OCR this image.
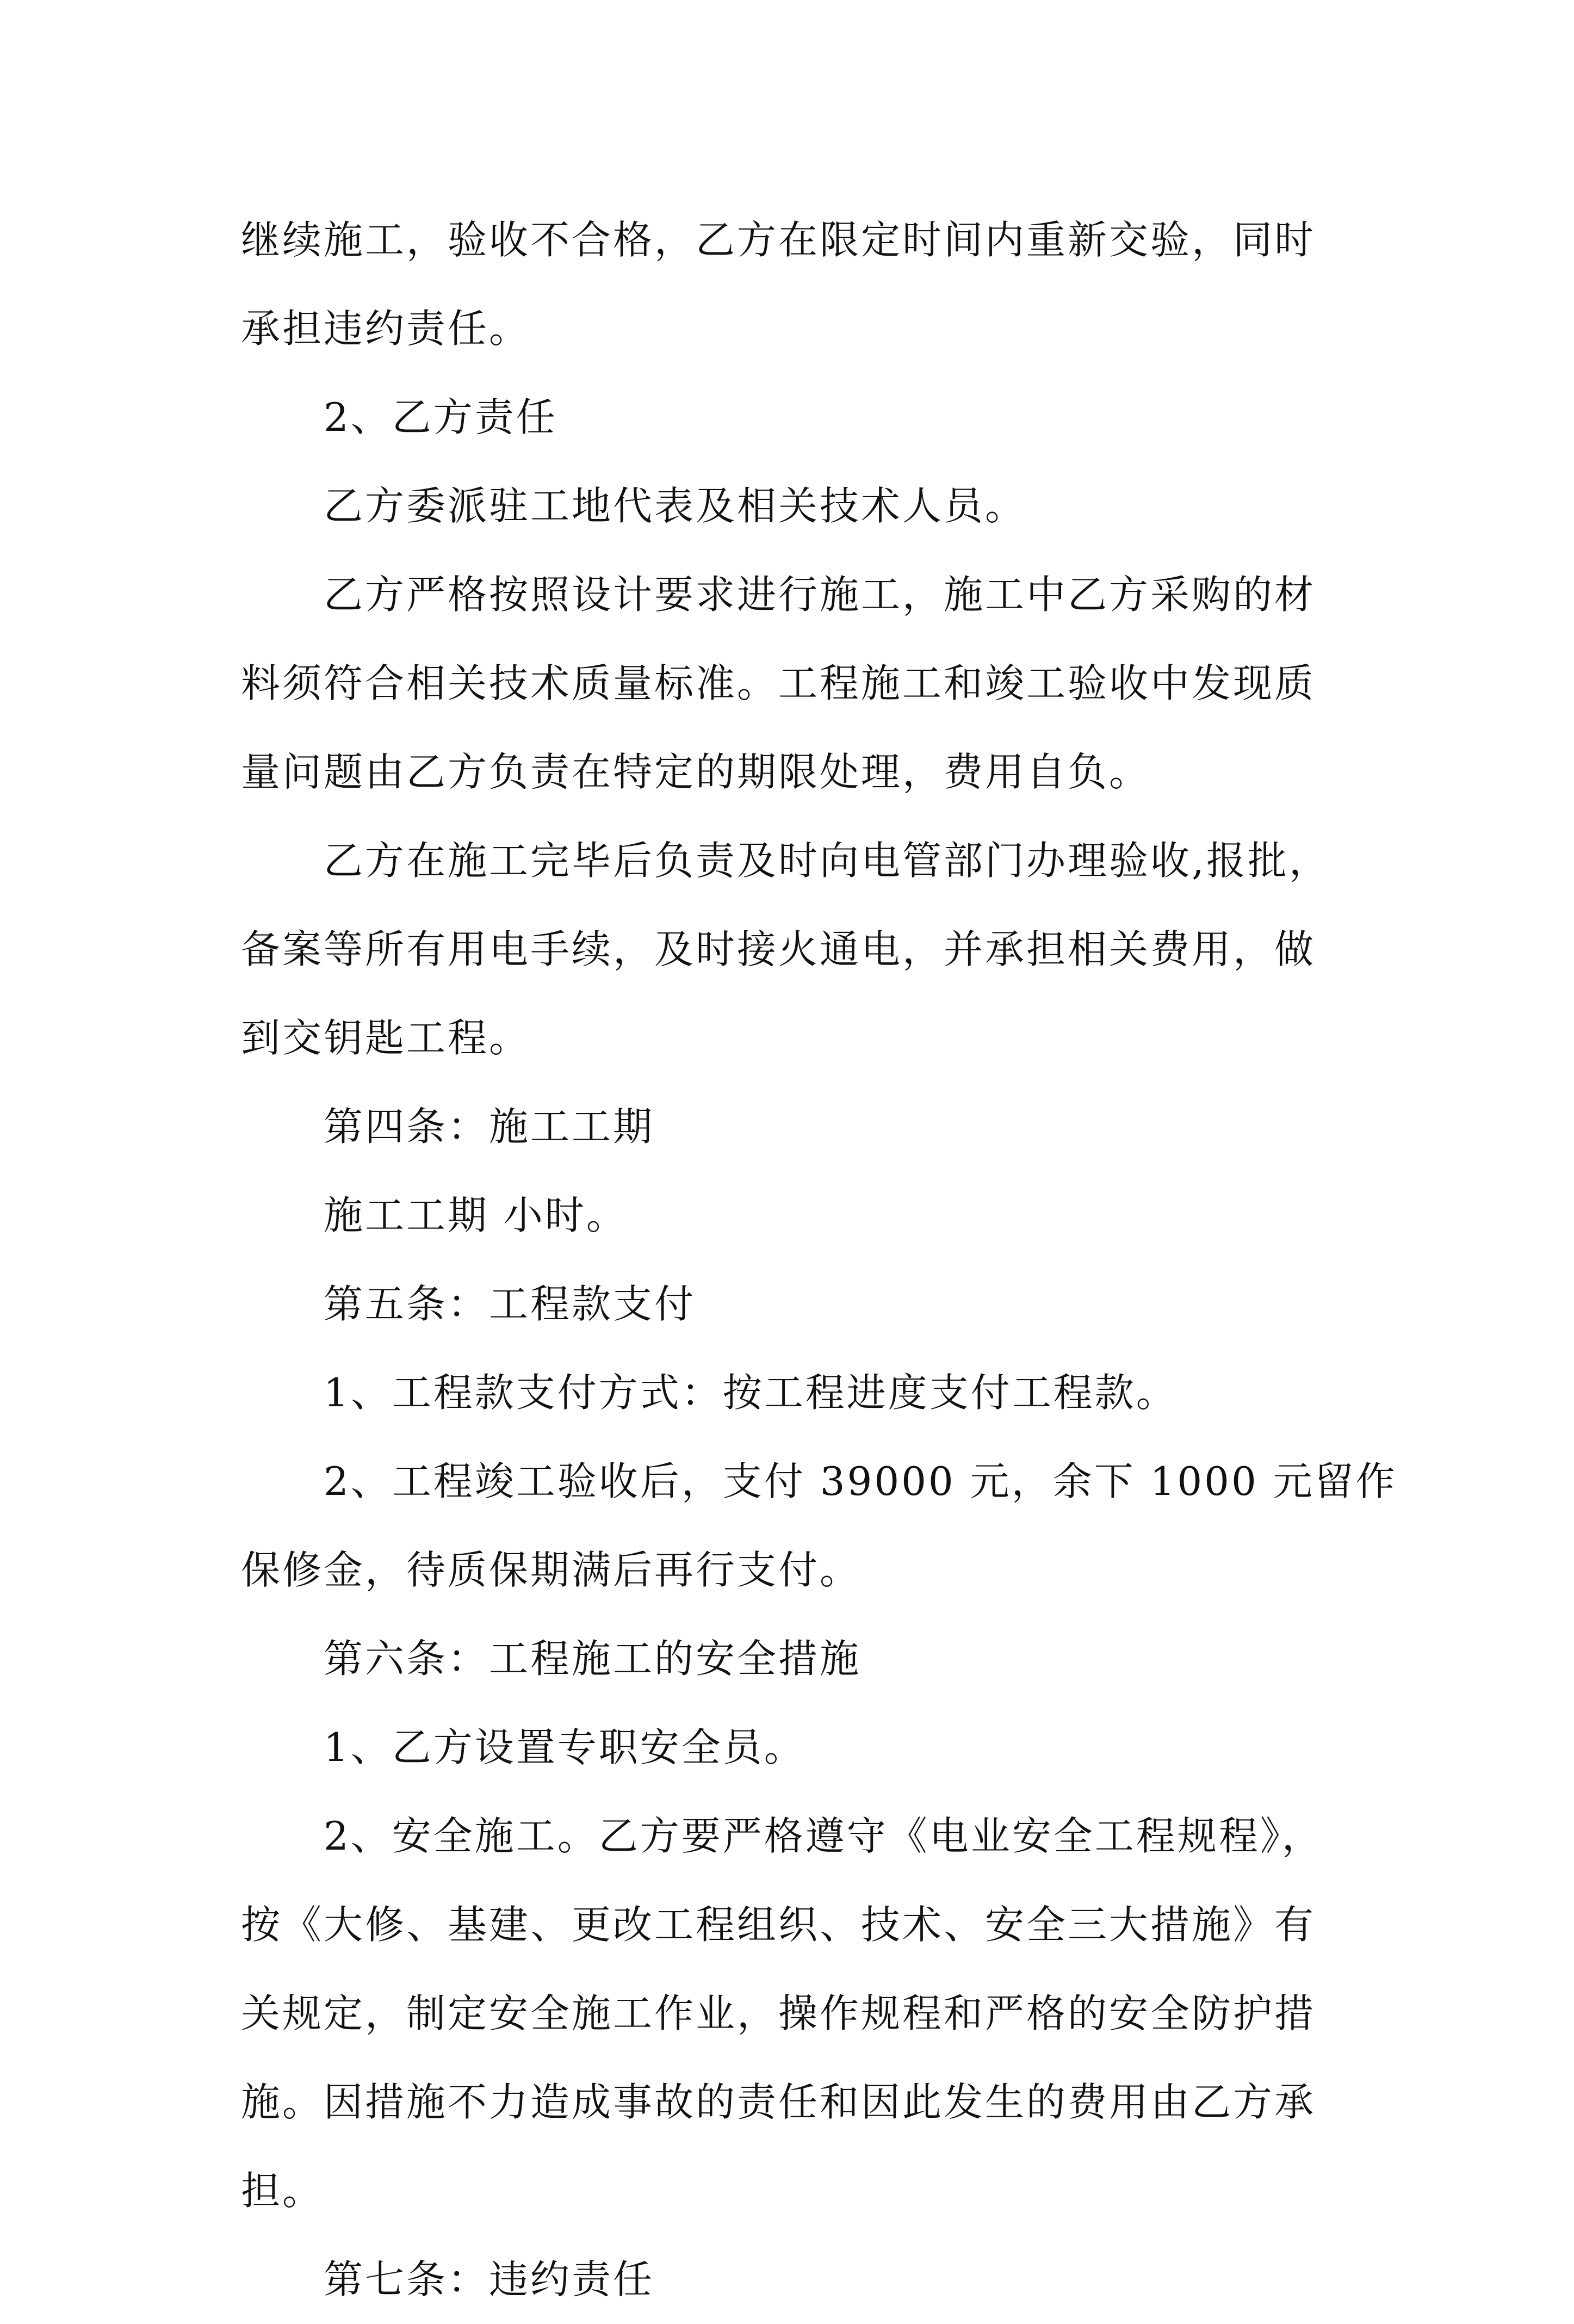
继续施工，验收不合格，乙方在限定时间内重新交验，同时
承担违约责任。
2、乙方责任
乙方委派驻工地代表及相关技术人员。
乙方严格按照设计要求进行施工，施工中乙方采购的材
料须符合相关技术质量标准。工程施工和竣工验收中发现质
量问题由乙方负责在特定的期限处理，费用自负。
乙方在施工完毕后负责及时向电管部门办理验收,报批，
备案等所有用电手续，及时接火通电，并承担相关费用，做
到交钥匙工程。
第四条：施工工期
施工工期 小时。
第五条：工程款支付
1、工程款支付方式：按工程进度支付工程款。
2、工程竣工验收后，支付 39000 元，余下 1000 元留作
保修金，待质保期满后再行支付。
第六条：工程施工的安全措施
1、乙方设置专职安全员。
2、安全施工。乙方要严格遵守《电业安全工程规程》，
按《大修、基建、更改工程组织、技术、安全三大措施》有
关规定，制定安全施工作业，操作规程和严格的安全防护措
施。因措施不力造成事故的责任和因此发生的费用由乙方承
担。
第七条：违约责任
